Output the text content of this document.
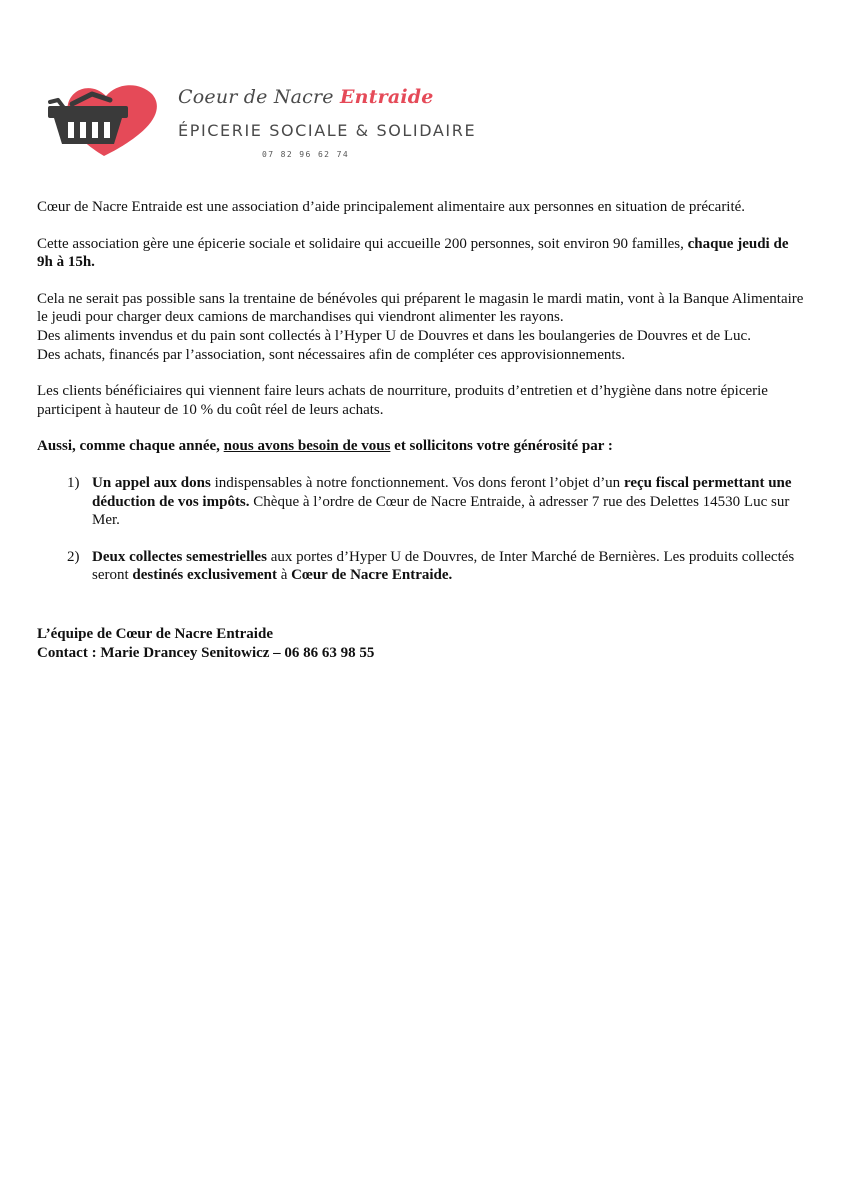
Coeur de Nacre Entraide
ÉPICERIE SOCIALE & SOLIDAIRE
07 82 96 62 74

Cœur de Nacre Entraide est une association d’aide principalement alimentaire aux personnes en situation de précarité.

Cette association gère une épicerie sociale et solidaire qui accueille 200 personnes, soit environ 90 familles, chaque jeudi de 9h à 15h.

Cela ne serait pas possible sans la trentaine de bénévoles qui préparent le magasin le mardi matin, vont à la Banque Alimentaire le jeudi pour charger deux camions de marchandises qui viendront alimenter les rayons.
Des aliments invendus et du pain sont collectés à l’Hyper U de Douvres et dans les boulangeries de Douvres et de Luc.
Des achats, financés par l’association, sont nécessaires afin de compléter ces approvisionnements.

Les clients bénéficiaires qui viennent faire leurs achats de nourriture, produits d’entretien et d’hygiène dans notre épicerie participent à hauteur de 10 % du coût réel de leurs achats.

Aussi, comme chaque année, nous avons besoin de vous et sollicitons votre générosité par :

1) Un appel aux dons indispensables à notre fonctionnement. Vos dons feront l’objet d’un reçu fiscal permettant une déduction de vos impôts. Chèque à l’ordre de Cœur de Nacre Entraide, à adresser 7 rue des Delettes 14530 Luc sur Mer.
2) Deux collectes semestrielles aux portes d’Hyper U de Douvres, de Inter Marché de Bernières. Les produits collectés seront destinés exclusivement à Cœur de Nacre Entraide.
L’équipe de Cœur de Nacre Entraide
Contact : Marie Drancey Senitowicz – 06 86 63 98 55
